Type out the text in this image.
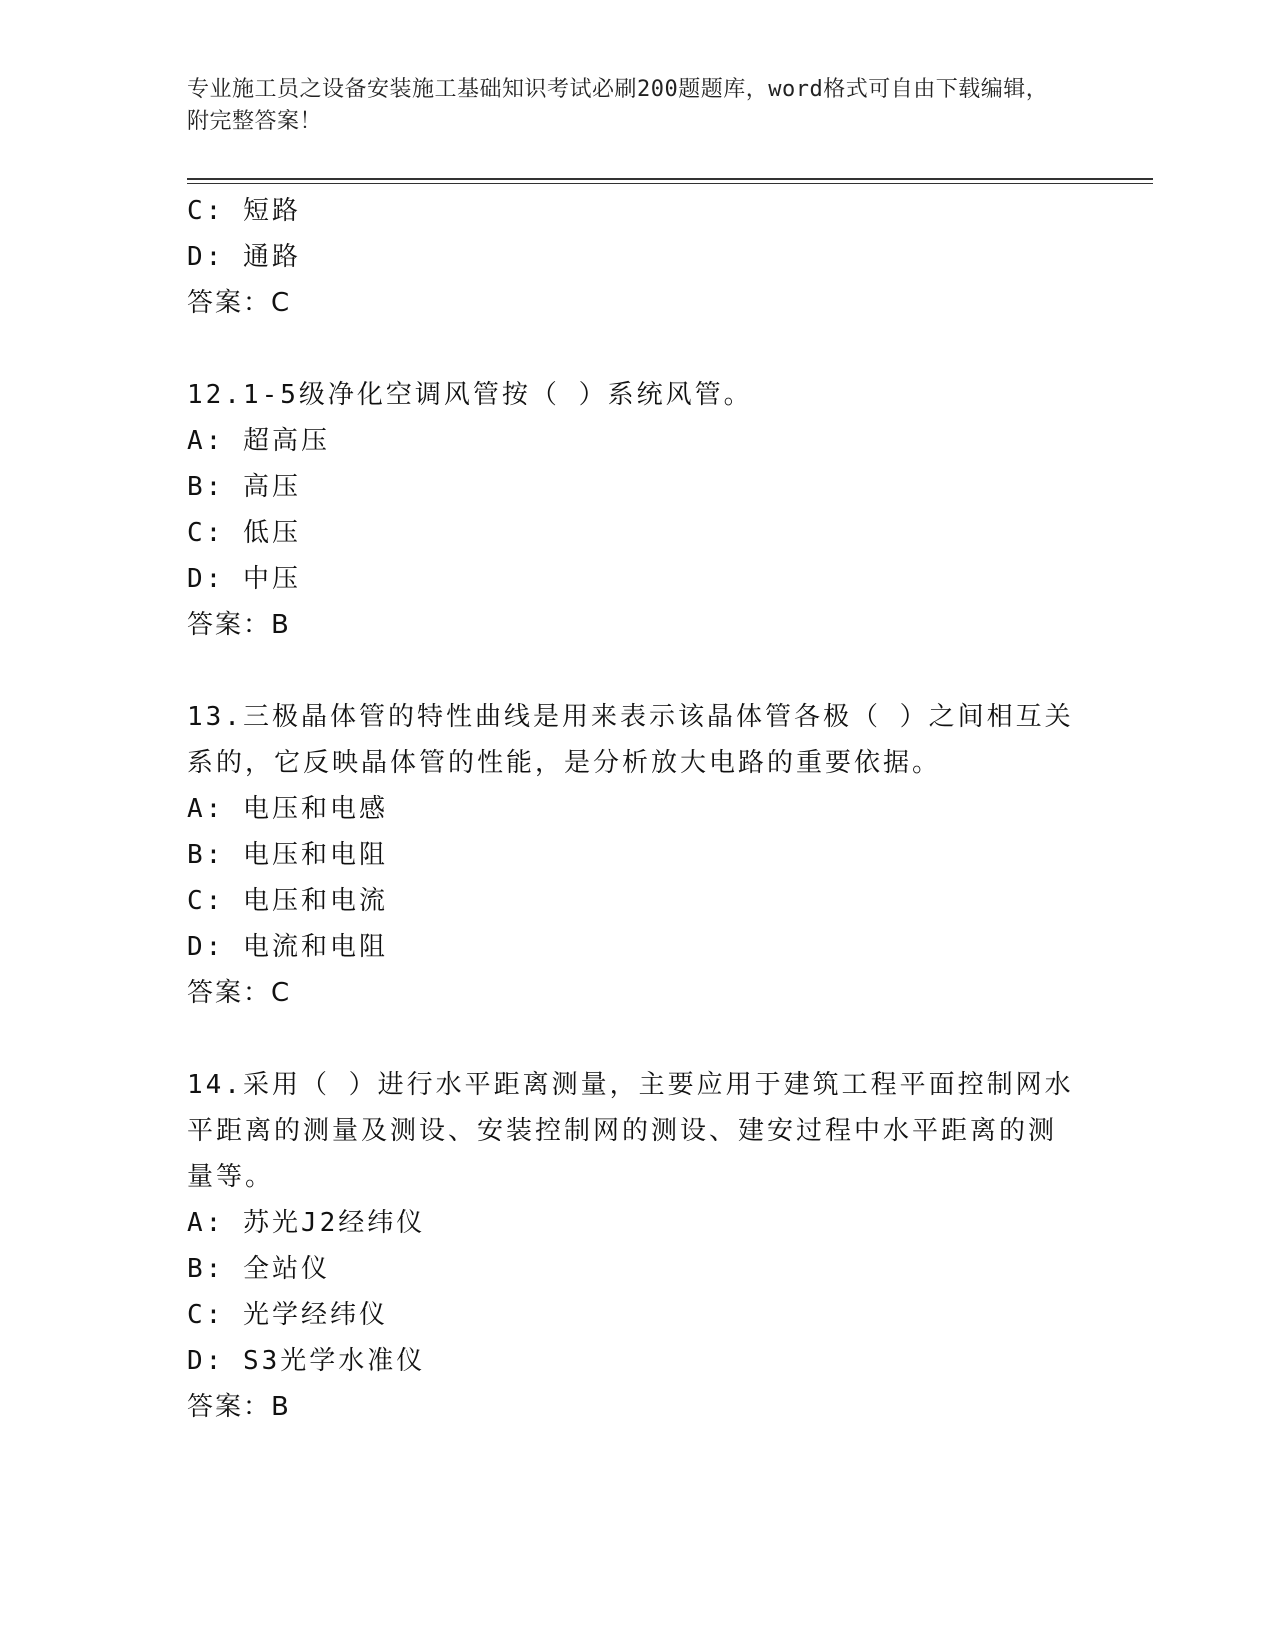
专业施工员之设备安装施工基础知识考试必刷200题题库，word格式可自由下载编辑，附完整答案！
C: 短路
D: 通路
答案：C
12.1-5级净化空调风管按（ ）系统风管。
A: 超高压
B: 高压
C: 低压
D: 中压
答案：B
13.三极晶体管的特性曲线是用来表示该晶体管各极（ ）之间相互关
系的，它反映晶体管的性能，是分析放大电路的重要依据。
A: 电压和电感
B: 电压和电阻
C: 电压和电流
D: 电流和电阻
答案：C
14.采用（ ）进行水平距离测量，主要应用于建筑工程平面控制网水
平距离的测量及测设、安装控制网的测设、建安过程中水平距离的测
量等。
A: 苏光J2经纬仪
B: 全站仪
C: 光学经纬仪
D: S3光学水准仪
答案：B
